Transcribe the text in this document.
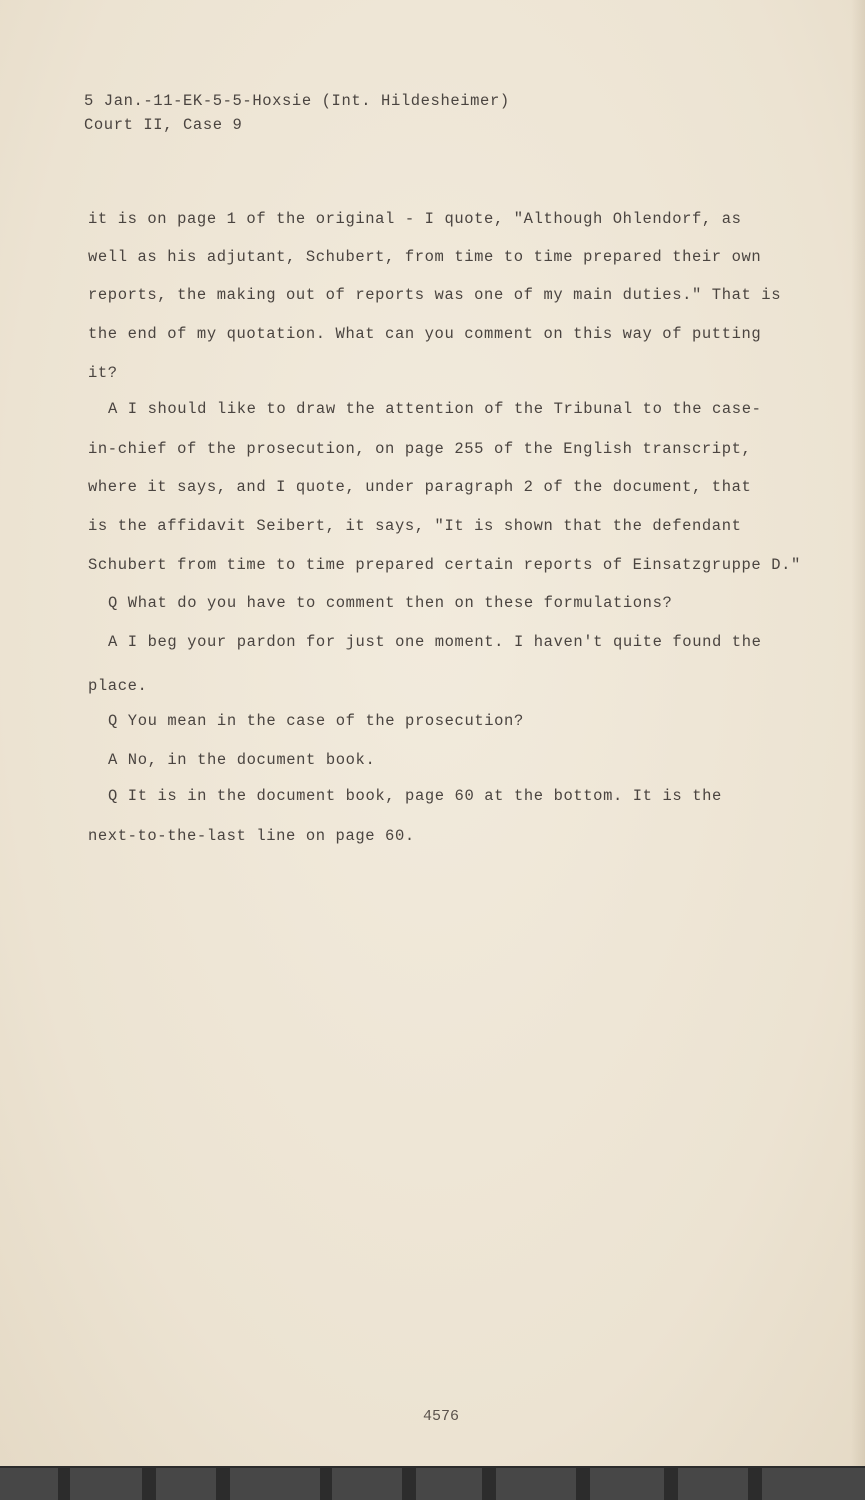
5 Jan.-11-EK-5-5-Hoxsie (Int. Hildesheimer)
Court II, Case 9
it is on page 1 of the original - I quote, "Although Ohlendorf, as
well as his adjutant, Schubert, from time to time prepared their own
reports, the making out of reports was one of my main duties." That is
the end of my quotation. What can you comment on this way of putting
it?
A I should like to draw the attention of the Tribunal to the case-
in-chief of the prosecution, on page 255 of the English transcript,
where it says, and I quote, under paragraph 2 of the document, that
is the affidavit Seibert, it says, "It is shown that the defendant
Schubert from time to time prepared certain reports of Einsatzgruppe D."
Q What do you have to comment then on these formulations?
A I beg your pardon for just one moment. I haven't quite found the
place.
Q You mean in the case of the prosecution?
A No, in the document book.
Q It is in the document book, page 60 at the bottom. It is the
next-to-the-last line on page 60.
4576
